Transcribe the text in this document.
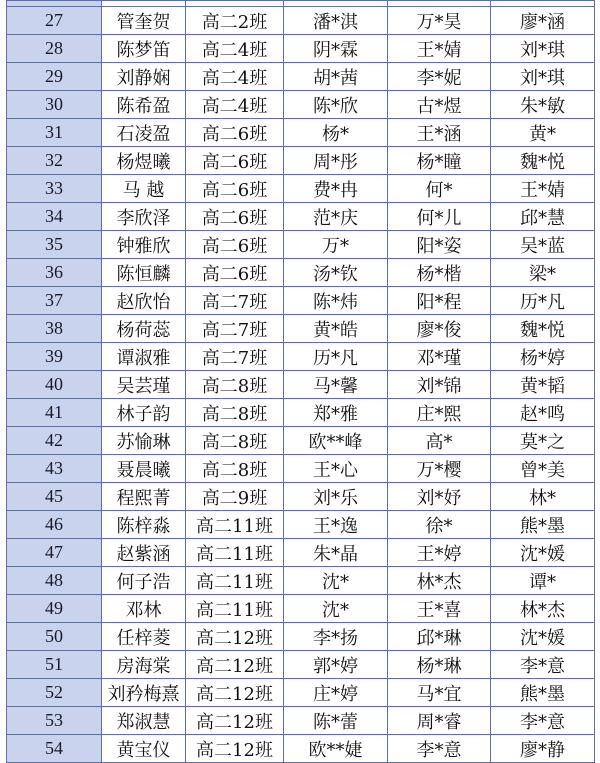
27	管奎贺	高二2班	潘*淇	万*昊	廖*涵
28	陈梦笛	高二4班	阴*霖	王*婧	刘*琪
29	刘静娴	高二4班	胡*茜	李*妮	刘*琪
30	陈希盈	高二4班	陈*欣	古*煜	朱*敏
31	石凌盈	高二6班	杨*	王*涵	黄*
32	杨煜曦	高二6班	周*彤	杨*瞳	魏*悦
33	马 越	高二6班	费*冉	何*	王*婧
34	李欣泽	高二6班	范*庆	何*儿	邱*慧
35	钟雅欣	高二6班	万*	阳*姿	吴*蓝
36	陈恒麟	高二6班	汤*钦	杨*楷	梁*
37	赵欣怡	高二7班	陈*炜	阳*程	历*凡
38	杨荷蕊	高二7班	黄*皓	廖*俊	魏*悦
39	谭淑雅	高二7班	历*凡	邓*瑾	杨*婷
40	吴芸瑾	高二8班	马*馨	刘*锦	黄*韬
41	林子韵	高二8班	郑*雅	庄*熙	赵*鸣
42	苏愉琳	高二8班	欧**峰	高*	莫*之
43	聂晨曦	高二8班	王*心	万*樱	曾*美
45	程熙菁	高二9班	刘*乐	刘*妤	林*
46	陈梓淼	高二11班	王*逸	徐*	熊*墨
47	赵紫涵	高二11班	朱*晶	王*婷	沈*媛
48	何子浩	高二11班	沈*	林*杰	谭*
49	邓林	高二11班	沈*	王*喜	林*杰
50	任梓菱	高二12班	李*扬	邱*琳	沈*媛
51	房海棠	高二12班	郭*婷	杨*琳	李*意
52	刘矜梅熹	高二12班	庄*婷	马*宜	熊*墨
53	郑淑慧	高二12班	陈*蕾	周*睿	李*意
54	黄宝仪	高二12班	欧**婕	李*意	廖*静
